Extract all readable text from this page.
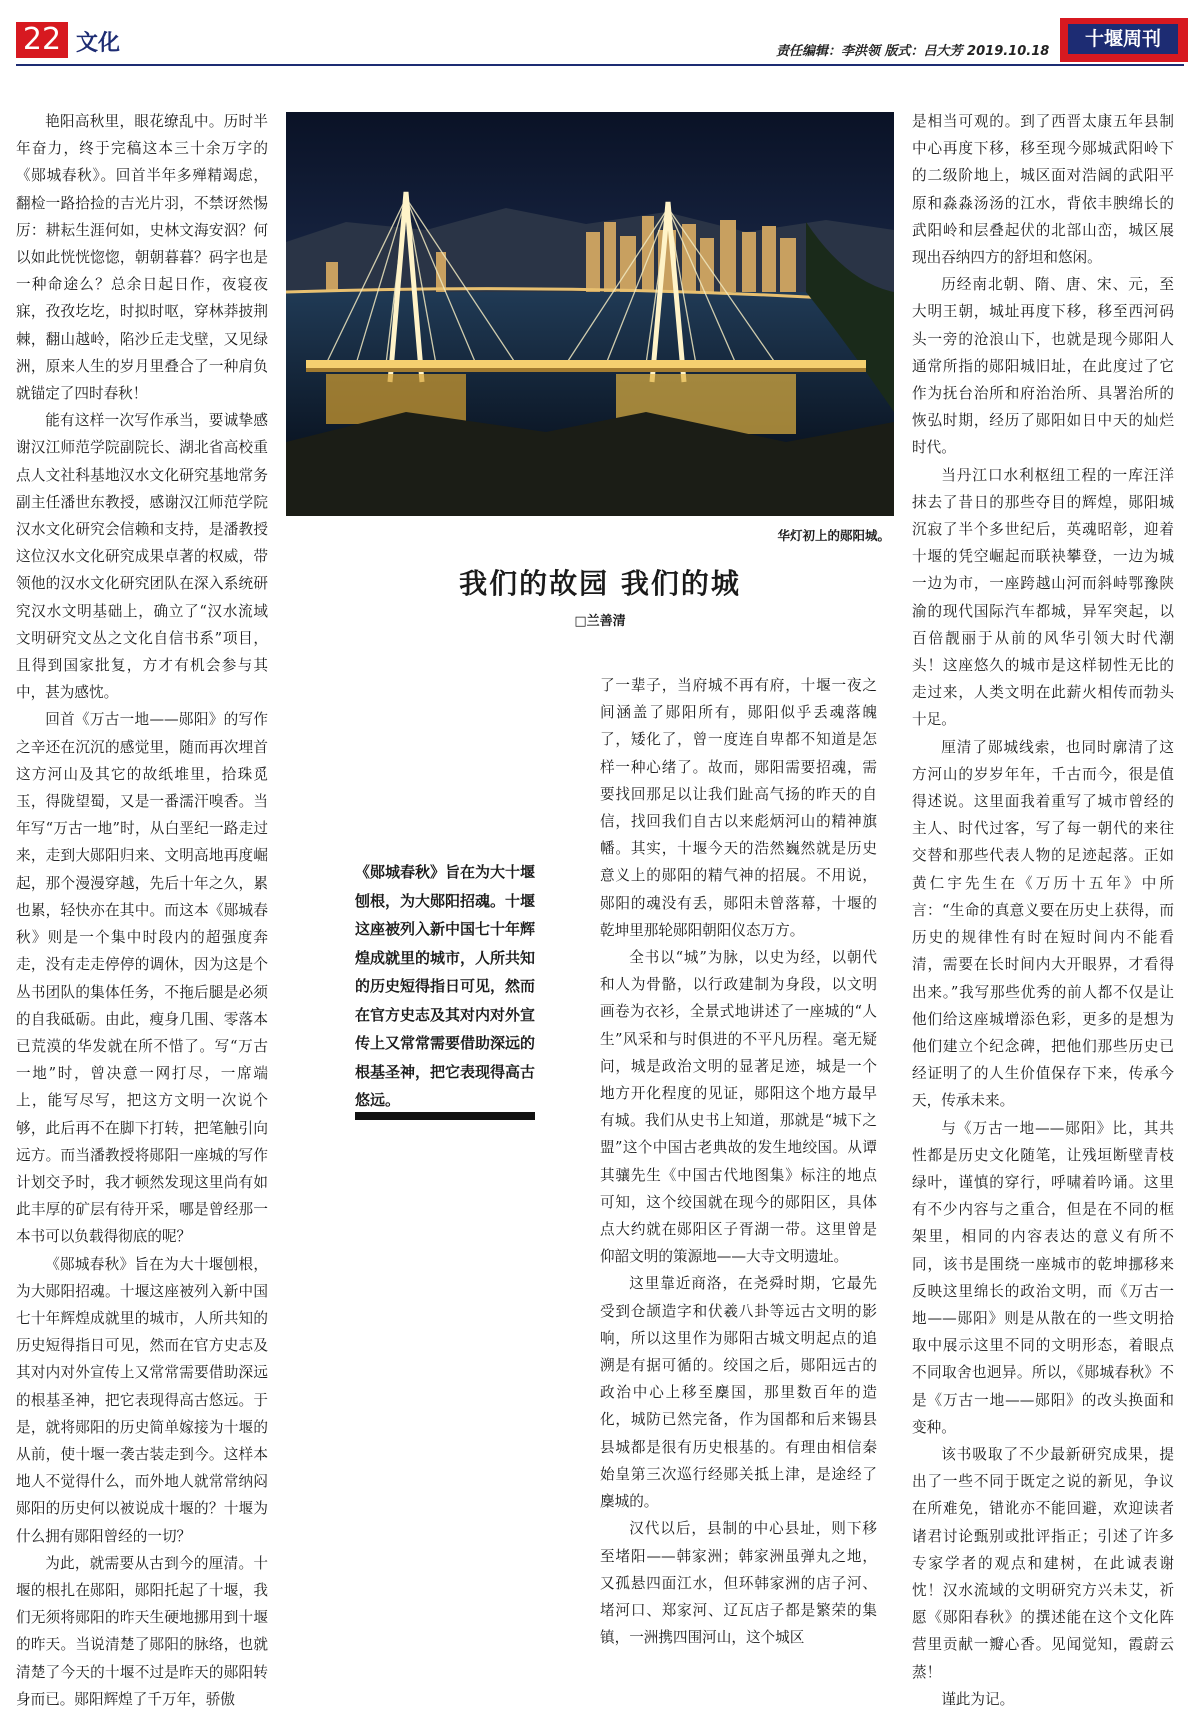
22 文化	责任编辑：李洪领 版式：吕大芳 2019.10.18
十堰周刊

艳阳高秋里，眼花缭乱中。历时半年奋力，终于完稿这本三十余万字的《郧城春秋》。回首半年多殚精竭虑，翻检一路拾捡的吉光片羽，不禁讶然惕厉：耕耘生涯何如，史林文海安泅？何以如此恍恍惚惚，朝朝暮暮？码字也是一种命途么？总余日起日作，夜寝夜寐，孜孜圪圪，时拟时呕，穿林莽披荆棘，翻山越岭，陷沙丘走戈壁，又见绿洲，原来人生的岁月里叠合了一种肩负就锚定了四时春秋！

能有这样一次写作承当，要诚挚感谢汉江师范学院副院长、湖北省高校重点人文社科基地汉水文化研究基地常务副主任潘世东教授，感谢汉江师范学院汉水文化研究会信赖和支持，是潘教授这位汉水文化研究成果卓著的权威，带领他的汉水文化研究团队在深入系统研究汉水文明基础上，确立了“汉水流域文明研究文丛之文化自信书系”项目，且得到国家批复，方才有机会参与其中，甚为感忱。

回首《万古一地——郧阳》的写作之辛还在沉沉的感觉里，随而再次埋首这方河山及其它的故纸堆里，拾珠觅玉，得陇望蜀，又是一番濡汗嗅香。当年写“万古一地”时，从白垩纪一路走过来，走到大郧阳归来、文明高地再度崛起，那个漫漫穿越，先后十年之久，累也累，轻快亦在其中。而这本《郧城春秋》则是一个集中时段内的超强度奔走，没有走走停停的调休，因为这是个丛书团队的集体任务，不拖后腿是必须的自我砥砺。由此，瘦身几围、零落本已荒漠的华发就在所不惜了。写“万古一地”时，曾决意一网打尽，一席端上，能写尽写，把这方文明一次说个够，此后再不在脚下打转，把笔触引向远方。而当潘教授将郧阳一座城的写作计划交予时，我才顿然发现这里尚有如此丰厚的矿层有待开采，哪是曾经那一本书可以负载得彻底的呢？

《郧城春秋》旨在为大十堰刨根，为大郧阳招魂。十堰这座被列入新中国七十年辉煌成就里的城市，人所共知的历史短得指日可见，然而在官方史志及其对内对外宣传上又常常需要借助深远的根基圣神，把它表现得高古悠远。于是，就将郧阳的历史简单嫁接为十堰的从前，使十堰一袭古装走到今。这样本地人不觉得什么，而外地人就常常纳闷郧阳的历史何以被说成十堰的？十堰为什么拥有郧阳曾经的一切？

为此，就需要从古到今的厘清。十堰的根扎在郧阳，郧阳托起了十堰，我们无须将郧阳的昨天生硬地挪用到十堰的昨天。当说清楚了郧阳的脉络，也就清楚了今天的十堰不过是昨天的郧阳转身而已。郧阳辉煌了千万年，骄傲

华灯初上的郧阳城。
我们的故园 我们的城
□兰善清
《郧城春秋》旨在为大十堰刨根，为大郧阳招魂。十堰这座被列入新中国七十年辉煌成就里的城市，人所共知的历史短得指日可见，然而在官方史志及其对内对外宣传上又常常需要借助深远的根基圣神，把它表现得高古悠远。

了一辈子，当府城不再有府，十堰一夜之间涵盖了郧阳所有，郧阳似乎丢魂落魄了，矮化了，曾一度连自卑都不知道是怎样一种心绪了。故而，郧阳需要招魂，需要找回那足以让我们趾高气扬的昨天的自信，找回我们自古以来彪炳河山的精神旗幡。其实，十堰今天的浩然巍然就是历史意义上的郧阳的精气神的招展。不用说，郧阳的魂没有丢，郧阳未曾落幕，十堰的乾坤里那轮郧阳朝阳仪态万方。

全书以“城”为脉，以史为经，以朝代和人为骨骼，以行政建制为身段，以文明画卷为衣衫，全景式地讲述了一座城的“人生”风采和与时俱进的不平凡历程。毫无疑问，城是政治文明的显著足迹，城是一个地方开化程度的见证，郧阳这个地方最早有城。我们从史书上知道，那就是“城下之盟”这个中国古老典故的发生地绞国。从谭其骧先生《中国古代地图集》标注的地点可知，这个绞国就在现今的郧阳区，具体点大约就在郧阳区子胥湖一带。这里曾是仰韶文明的策源地——大寺文明遗址。

这里靠近商洛，在尧舜时期，它最先受到仓颉造字和伏羲八卦等远古文明的影响，所以这里作为郧阳古城文明起点的追溯是有据可循的。绞国之后，郧阳远古的政治中心上移至麇国，那里数百年的造化，城防已然完备，作为国都和后来锡县县城都是很有历史根基的。有理由相信秦始皇第三次巡行经郧关抵上津，是途经了麇城的。

汉代以后，县制的中心县址，则下移至堵阳——韩家洲；韩家洲虽弹丸之地，又孤悬四面江水，但环韩家洲的店子河、堵河口、郑家河、辽瓦店子都是繁荣的集镇，一洲携四围河山，这个城区

是相当可观的。到了西晋太康五年县制中心再度下移，移至现今郧城武阳岭下的二级阶地上，城区面对浩阔的武阳平原和淼淼汤汤的江水，背依丰腴绵长的武阳岭和层叠起伏的北部山峦，城区展现出吞纳四方的舒坦和悠闲。

历经南北朝、隋、唐、宋、元，至大明王朝，城址再度下移，移至西河码头一旁的沧浪山下，也就是现今郧阳人通常所指的郧阳城旧址，在此度过了它作为抚台治所和府治治所、具署治所的恢弘时期，经历了郧阳如日中天的灿烂时代。

当丹江口水利枢纽工程的一库汪洋抹去了昔日的那些夺目的辉煌，郧阳城沉寂了半个多世纪后，英魂昭彰，迎着十堰的凭空崛起而联袂攀登，一边为城一边为市，一座跨越山河而斜峙鄂豫陕渝的现代国际汽车都城，异军突起，以百倍靓丽于从前的风华引领大时代潮头！这座悠久的城市是这样韧性无比的走过来，人类文明在此薪火相传而勃头十足。

厘清了郧城线索，也同时廓清了这方河山的岁岁年年，千古而今，很是值得述说。这里面我着重写了城市曾经的主人、时代过客，写了每一朝代的来往交替和那些代表人物的足迹起落。正如黄仁宇先生在《万历十五年》中所言：“生命的真意义要在历史上获得，而历史的规律性有时在短时间内不能看清，需要在长时间内大开眼界，才看得出来。”我写那些优秀的前人都不仅是让他们给这座城增添色彩，更多的是想为他们建立个纪念碑，把他们那些历史已经证明了的人生价值保存下来，传承今天，传承未来。

与《万古一地——郧阳》比，其共性都是历史文化随笔，让残垣断壁青枝绿叶，谨慎的穿行，呼啸着吟诵。这里有不少内容与之重合，但是在不同的框架里，相同的内容表达的意义有所不同，该书是围绕一座城市的乾坤挪移来反映这里绵长的政治文明，而《万古一地——郧阳》则是从散在的一些文明拾取中展示这里不同的文明形态，着眼点不同取舍也迥异。所以，《郧城春秋》不是《万古一地——郧阳》的改头换面和变种。

该书吸取了不少最新研究成果，提出了一些不同于既定之说的新见，争议在所难免，错讹亦不能回避，欢迎读者诸君讨论甄别或批评指正；引述了许多专家学者的观点和建树，在此诚表谢忱！汉水流域的文明研究方兴未艾，祈愿《郧阳春秋》的撰述能在这个文化阵营里贡献一瓣心香。见闻觉知，霞蔚云蒸！

谨此为记。
